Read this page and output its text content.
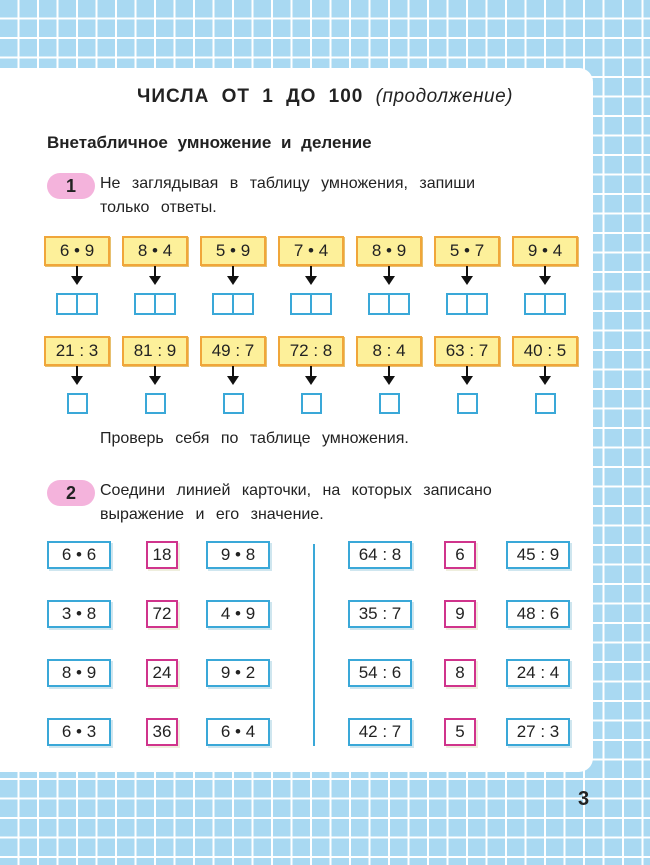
ЧИСЛА ОТ 1 ДО 100 (продолжение)
Внетабличное умножение и деление
1	Не заглядывая в таблицу умножения, запиши
только ответы.
6 • 9
21 : 3
8 • 4
81 : 9
5 • 9
49 : 7
7 • 4
72 : 8
8 • 9
8 : 4
5 • 7
63 : 7
9 • 4
40 : 5
Проверь себя по таблице умножения.
2	Соедини линией карточки, на которых записано
выражение и его значение.
6 • 6	18	9 • 8
3 • 8	72	4 • 9
8 • 9	24	9 • 2
6 • 3	36	6 • 4
64 : 8	6	45 : 9
35 : 7	9	48 : 6
54 : 6	8	24 : 4
42 : 7	5	27 : 3
3
